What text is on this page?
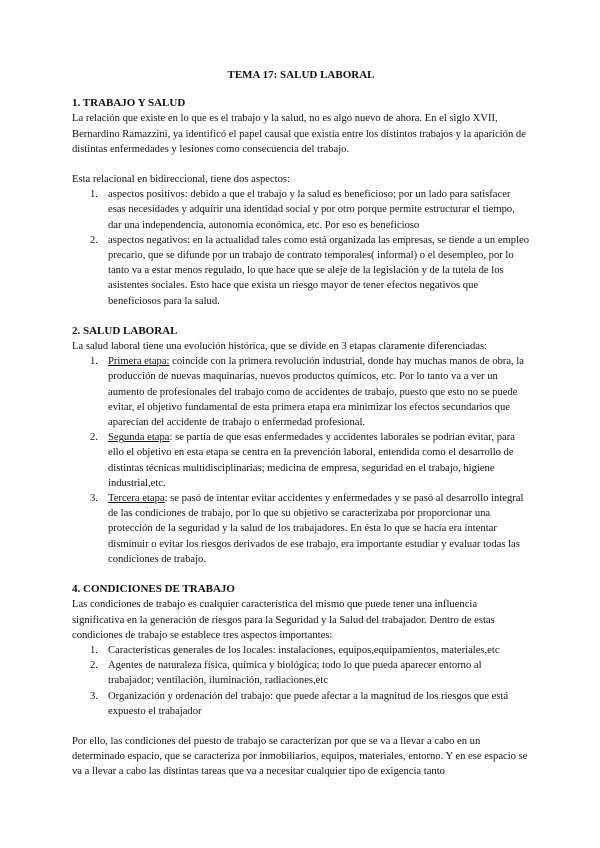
TEMA 17: SALUD LABORAL
1. TRABAJO Y SALUD

La relación que existe en lo que es el trabajo y la salud, no es algo nuevo de ahora. En el siglo XVII, Bernardino Ramazzini, ya identificó el papel causal que existía entre los distintos trabajos y la aparición de distintas enfermedades y lesiones como consecuencia del trabajo.

Esta relacional en bidireccional, tiene dos aspectos:

1. aspectos positivos: debido a que el trabajo y la salud es beneficioso; por un lado para satisfacer esas necesidades y adquirir una identidad social y por otro porque permite estructurar el tiempo, dar una independencia, autonomía económica, etc. Por eso es beneficioso
2. aspectos negativos: en la actualidad tales como está organizada las empresas, se tiende a un empleo precario, que se difunde por un trabajo de contrato temporales( informal) o el desempleo, por lo tanto va a estar menos regulado, lo que hace que se aleje de la legislación y de la tutela de los asistentes sociales. Esto hace que exista un riesgo mayor de tener efectos negativos que beneficiosos para la salud.
2. SALUD LABORAL

La salud laboral tiene una evolución histórica, que se divide en 3 etapas claramente diferenciadas:

1. Primera etapa: coincide con la primera revolución industrial, donde hay muchas manos de obra, la producción de nuevas maquinarias, nuevos productos químicos, etc. Por lo tanto va a ver un aumento de profesionales del trabajo como de accidentes de trabajo, puesto que esto no se puede evitar, el objetivo fundamental de esta primera etapa era minimizar los efectos secundarios que aparecían del accidente de trabajo o enfermedad profesional.
2. Segunda etapa: se partía de que esas enfermedades y accidentes laborales se podrían evitar, para ello el objetivo en esta etapa se centra en la prevención laboral, entendida como el desarrollo de distintas técnicas multidisciplinarias; medicina de empresa, seguridad en el trabajo, higiene industrial,etc.
3. Tercera etapa: se pasó de intentar evitar accidentes y enfermedades y se pasó al desarrollo integral de las condiciones de trabajo, por lo que su objetivo se caracterizaba por proporcionar una protección de la seguridad y la salud de los trabajadores. En ésta lo que se hacía era intentar disminuir o evitar los riesgos derivados de ese trabajo, era importante estudiar y evaluar todas las condiciones de trabajo.
4. CONDICIONES DE TRABAJO

Las condiciones de trabajo es cualquier característica del mismo que puede tener una influencia significativa en la generación de riesgos para la Seguridad y la Salud del trabajador. Dentro de estas condiciones de trabajo se establece tres aspectos importantes:

1. Características generales de los locales: instalaciones, equipos,equipamientos, materiales,etc
2. Agentes de naturaleza física, química y biológica; todo lo que pueda aparecer entorno al trabajador; ventilación, iluminación, radiaciones,etc
3. Organización y ordenación del trabajo: que puede afectar a la magnitud de los riesgos que está expuesto el trabajador

Por ello, las condiciones del puesto de trabajo se caracterizan por que se va a llevar a cabo en un determinado espacio, que se caracteriza por inmobiliarios, equipos, materiales, entorno. Y en ese espacio se va a llevar a cabo las distintas tareas que va a necesitar cualquier tipo de exigencia tanto
